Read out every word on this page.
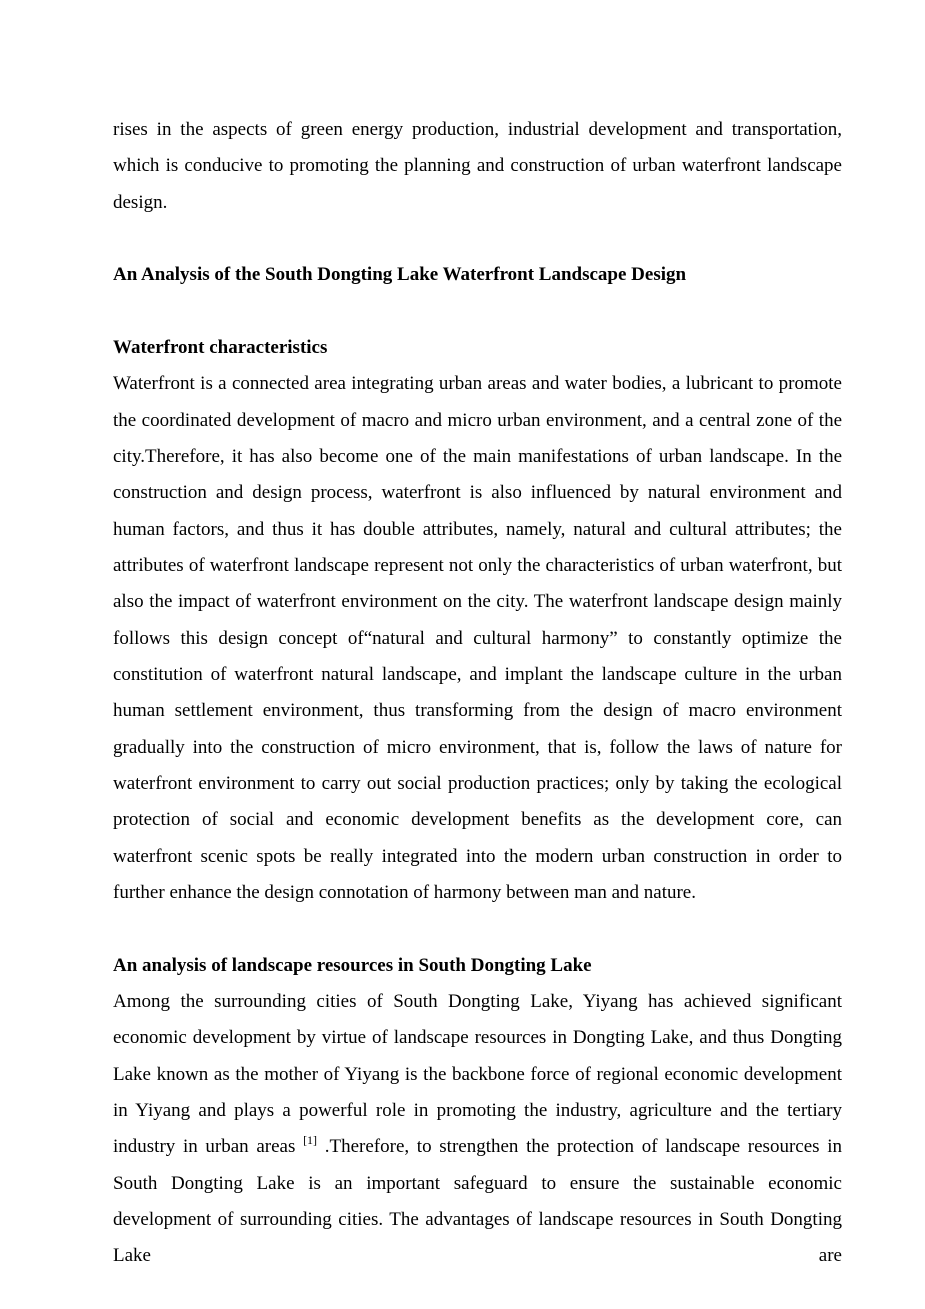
rises in the aspects of green energy production, industrial development and transportation, which is conducive to promoting the planning and construction of urban waterfront landscape design.

An Analysis of the South Dongting Lake Waterfront Landscape Design
Waterfront characteristics

Waterfront is a connected area integrating urban areas and water bodies, a lubricant to promote the coordinated development of macro and micro urban environment, and a central zone of the city.Therefore, it has also become one of the main manifestations of urban landscape. In the construction and design process, waterfront is also influenced by natural environment and human factors, and thus it has double attributes, namely, natural and cultural attributes; the attributes of waterfront landscape represent not only the characteristics of urban waterfront, but also the impact of waterfront environment on the city. The waterfront landscape design mainly follows this design concept of“natural and cultural harmony” to constantly optimize the constitution of waterfront natural landscape, and implant the landscape culture in the urban human settlement environment, thus transforming from the design of macro environment gradually into the construction of micro environment, that is, follow the laws of nature for waterfront environment to carry out social production practices; only by taking the ecological protection of social and economic development benefits as the development core, can waterfront scenic spots be really integrated into the modern urban construction in order to further enhance the design connotation of harmony between man and nature.

An analysis of landscape resources in South Dongting Lake

Among the surrounding cities of South Dongting Lake, Yiyang has achieved significant economic development by virtue of landscape resources in Dongting Lake, and thus Dongting Lake known as the mother of Yiyang is the backbone force of regional economic development in Yiyang and plays a powerful role in promoting the industry, agriculture and the tertiary industry in urban areas [1] .Therefore, to strengthen the protection of landscape resources in South Dongting Lake is an important safeguard to ensure the sustainable economic development of surrounding cities. The advantages of landscape resources in South Dongting Lake are
